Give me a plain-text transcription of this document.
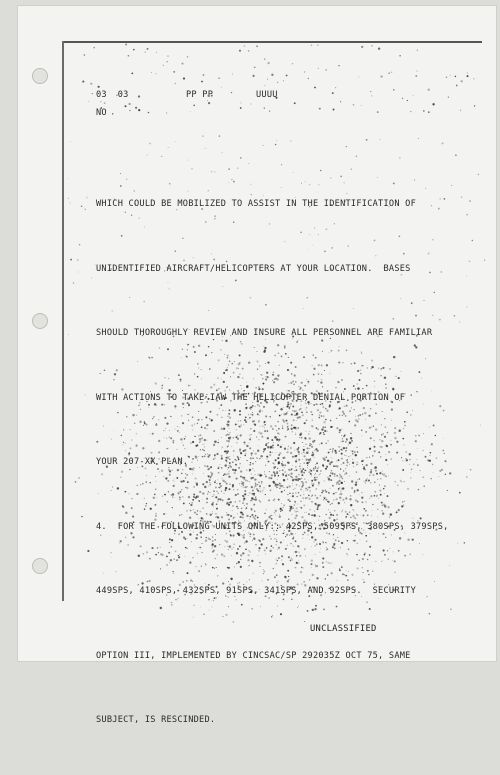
03  03	PP PP	UUUU
NO

WHICH COULD BE MOBILIZED TO ASSIST IN THE IDENTIFICATION OF

UNIDENTIFIED AIRCRAFT/HELICOPTERS AT YOUR LOCATION.  BASES

SHOULD THOROUGHLY REVIEW AND INSURE ALL PERSONNEL ARE FAMILIAR

WITH ACTIONS TO TAKE IAW THE HELICOPTER DENIAL PORTION OF

YOUR 207-XX PLAN.

4.  FOR THE FOLLOWING UNITS ONLY:: 42SPS, 509SPS, 380SPS, 379SPS,

449SPS, 410SPS, 432SPS, 91SPS, 341SPS, AND 92SPS.  SECURITY

OPTION III, IMPLEMENTED BY CINCSAC/SP 292035Z OCT 75, SAME

SUBJECT, IS RESCINDED.

UNCLASSIFIED
